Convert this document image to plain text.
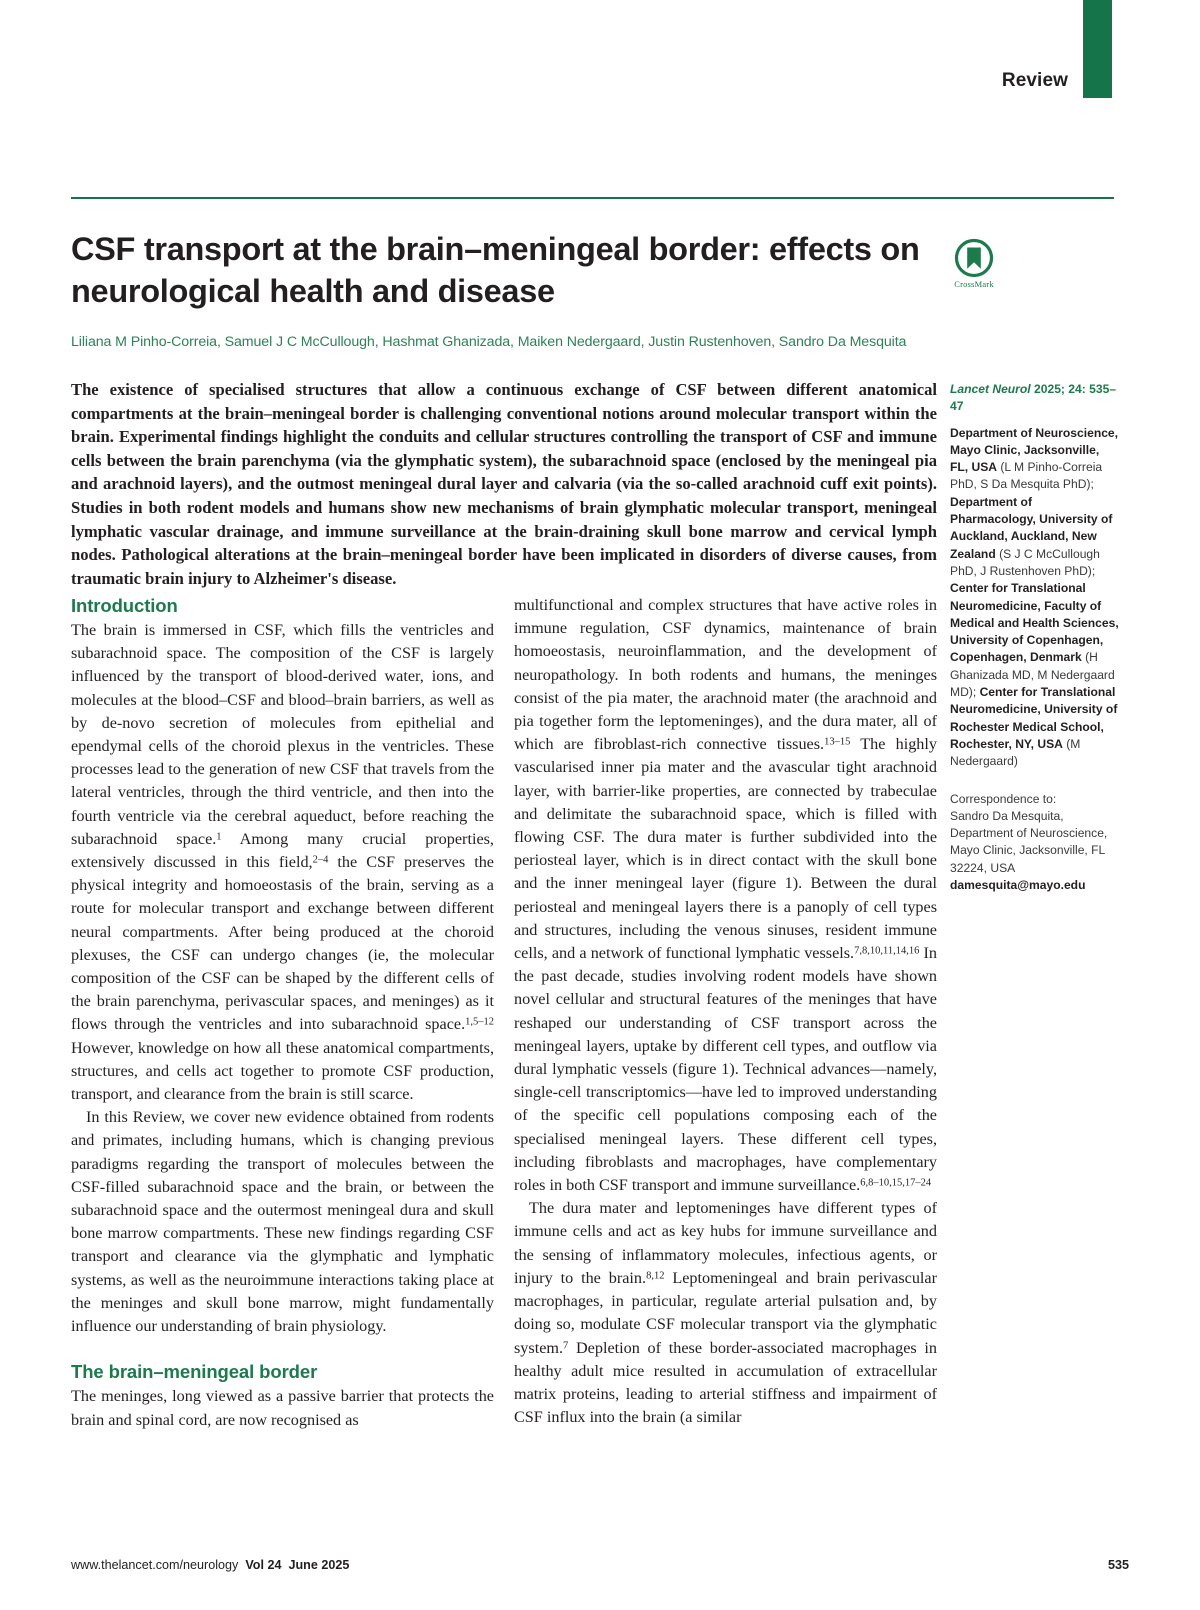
Review
CSF transport at the brain–meningeal border: effects on neurological health and disease
Liliana M Pinho-Correia, Samuel J C McCullough, Hashmat Ghanizada, Maiken Nedergaard, Justin Rustenhoven, Sandro Da Mesquita
CrossMark
The existence of specialised structures that allow a continuous exchange of CSF between different anatomical compartments at the brain–meningeal border is challenging conventional notions around molecular transport within the brain. Experimental findings highlight the conduits and cellular structures controlling the transport of CSF and immune cells between the brain parenchyma (via the glymphatic system), the subarachnoid space (enclosed by the meningeal pia and arachnoid layers), and the outmost meningeal dural layer and calvaria (via the so-called arachnoid cuff exit points). Studies in both rodent models and humans show new mechanisms of brain glymphatic molecular transport, meningeal lymphatic vascular drainage, and immune surveillance at the brain-draining skull bone marrow and cervical lymph nodes. Pathological alterations at the brain–meningeal border have been implicated in disorders of diverse causes, from traumatic brain injury to Alzheimer's disease.
Introduction

The brain is immersed in CSF, which fills the ventricles and subarachnoid space. The composition of the CSF is largely influenced by the transport of blood-derived water, ions, and molecules at the blood–CSF and blood–brain barriers, as well as by de-novo secretion of molecules from epithelial and ependymal cells of the choroid plexus in the ventricles. These processes lead to the generation of new CSF that travels from the lateral ventricles, through the third ventricle, and then into the fourth ventricle via the cerebral aqueduct, before reaching the subarachnoid space.$^1$ Among many crucial properties, extensively discussed in this field,$^{2-4}$ the CSF preserves the physical integrity and homoeostasis of the brain, serving as a route for molecular transport and exchange between different neural compartments. After being produced at the choroid plexuses, the CSF can undergo changes (ie, the molecular composition of the CSF can be shaped by the different cells of the brain parenchyma, perivascular spaces, and meninges) as it flows through the ventricles and into subarachnoid space.$^{1,5-12}$ However, knowledge on how all these anatomical compartments, structures, and cells act together to promote CSF production, transport, and clearance from the brain is still scarce.

In this Review, we cover new evidence obtained from rodents and primates, including humans, which is changing previous paradigms regarding the transport of molecules between the CSF-filled subarachnoid space and the brain, or between the subarachnoid space and the outermost meningeal dura and skull bone marrow compartments. These new findings regarding CSF transport and clearance via the glymphatic and lymphatic systems, as well as the neuroimmune interactions taking place at the meninges and skull bone marrow, might fundamentally influence our understanding of brain physiology.

The brain–meningeal border

The meninges, long viewed as a passive barrier that protects the brain and spinal cord, are now recognised as

multifunctional and complex structures that have active roles in immune regulation, CSF dynamics, maintenance of brain homoeostasis, neuroinflammation, and the development of neuropathology. In both rodents and humans, the meninges consist of the pia mater, the arachnoid mater (the arachnoid and pia together form the leptomeninges), and the dura mater, all of which are fibroblast-rich connective tissues.$^{13-15}$ The highly vascularised inner pia mater and the avascular tight arachnoid layer, with barrier-like properties, are connected by trabeculae and delimitate the subarachnoid space, which is filled with flowing CSF. The dura mater is further subdivided into the periosteal layer, which is in direct contact with the skull bone and the inner meningeal layer (figure 1). Between the dural periosteal and meningeal layers there is a panoply of cell types and structures, including the venous sinuses, resident immune cells, and a network of functional lymphatic vessels.$^{7,8,10,11,14,16}$ In the past decade, studies involving rodent models have shown novel cellular and structural features of the meninges that have reshaped our understanding of CSF transport across the meningeal layers, uptake by different cell types, and outflow via dural lymphatic vessels (figure 1). Technical advances—namely, single-cell transcriptomics—have led to improved understanding of the specific cell populations composing each of the specialised meningeal layers. These different cell types, including fibroblasts and macrophages, have complementary roles in both CSF transport and immune surveillance.$^{6,8-10,15,17-24}$

The dura mater and leptomeninges have different types of immune cells and act as key hubs for immune surveillance and the sensing of inflammatory molecules, infectious agents, or injury to the brain.$^{8,12}$ Leptomeningeal and brain perivascular macrophages, in particular, regulate arterial pulsation and, by doing so, modulate CSF molecular transport via the glymphatic system.$^7$ Depletion of these border-associated macrophages in healthy adult mice resulted in accumulation of extracellular matrix proteins, leading to arterial stiffness and impairment of CSF influx into the brain (a similar

Lancet Neurol 2025; 24: 535–47
Department of Neuroscience, Mayo Clinic, Jacksonville, FL, USA (L M Pinho-Correia PhD, S Da Mesquita PhD); Department of Pharmacology, University of Auckland, Auckland, New Zealand (S J C McCullough PhD, J Rustenhoven PhD); Center for Translational Neuromedicine, Faculty of Medical and Health Sciences, University of Copenhagen, Copenhagen, Denmark (H Ghanizada MD, M Nedergaard MD); Center for Translational Neuromedicine, University of Rochester Medical School, Rochester, NY, USA (M Nedergaard)
Correspondence to:
Sandro Da Mesquita, Department of Neuroscience, Mayo Clinic, Jacksonville, FL 32224, USA
damesquita@mayo.edu
www.thelancet.com/neurology Vol 24 June 2025	535
